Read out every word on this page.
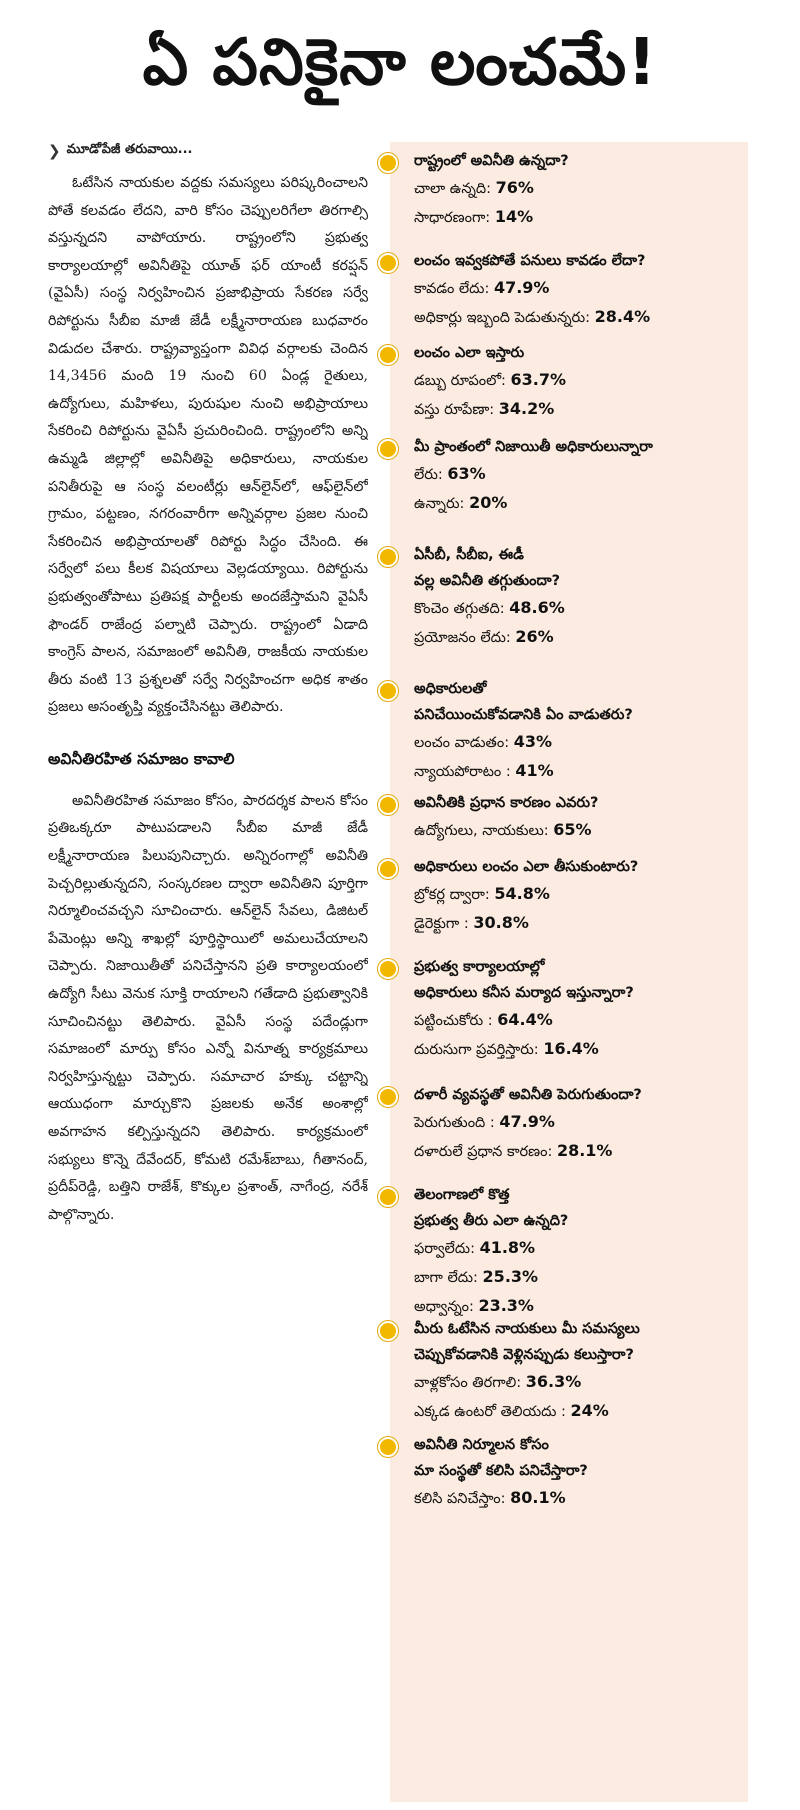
ఏ పనికైనా లంచమే!
❯ మూడోపేజీ తరువాయి...

ఓటేసిన నాయకుల వద్దకు సమస్యలు పరిష్కరించాలని పోతే కలవడం లేదని, వారి కోసం చెప్పులరిగేలా తిరగాల్సి వస్తున్నదని వాపోయారు. రాష్ట్రంలోని ప్రభుత్వ కార్యాలయాల్లో అవినీతిపై యూత్ ఫర్ యాంటీ కరప్షన్ (వైఏసీ) సంస్థ నిర్వహించిన ప్రజాభిప్రాయ సేకరణ సర్వే రిపోర్టును సీబీఐ మాజీ జేడీ లక్ష్మీనారాయణ బుధవారం విడుదల చేశారు. రాష్ట్రవ్యాప్తంగా వివిధ వర్గాలకు చెందిన 14,3456 మంది 19 నుంచి 60 ఏండ్ల రైతులు, ఉద్యోగులు, మహిళలు, పురుషుల నుంచి అభిప్రాయాలు సేకరించి రిపోర్టును వైఏసీ ప్రచురించింది. రాష్ట్రంలోని అన్ని ఉమ్మడి జిల్లాల్లో అవినీతిపై అధికారులు, నాయకుల పనితీరుపై ఆ సంస్థ వలంటీర్లు ఆన్‌లైన్‌లో, ఆఫ్‌లైన్‌లో గ్రామం, పట్టణం, నగరంవారీగా అన్నివర్గాల ప్రజల నుంచి సేకరించిన అభిప్రాయాలతో రిపోర్టు సిద్ధం చేసింది. ఈ సర్వేలో పలు కీలక విషయాలు వెల్లడయ్యాయి. రిపోర్టును ప్రభుత్వంతోపాటు ప్రతిపక్ష పార్టీలకు అందజేస్తామని వైఏసీ ఫౌండర్ రాజేంద్ర పల్నాటి చెప్పారు. రాష్ట్రంలో ఏడాది కాంగ్రెస్ పాలన, సమాజంలో అవినీతి, రాజకీయ నాయకుల తీరు వంటి 13 ప్రశ్నలతో సర్వే నిర్వహించగా అధిక శాతం ప్రజలు అసంతృప్తి వ్యక్తంచేసినట్టు తెలిపారు.

అవినీతిరహిత సమాజం కావాలి

అవినీతిరహిత సమాజం కోసం, పారదర్శక పాలన కోసం ప్రతిఒక్కరూ పాటుపడాలని సీబీఐ మాజీ జేడీ లక్ష్మీనారాయణ పిలుపునిచ్చారు. అన్నిరంగాల్లో అవినీతి పెచ్చరిల్లుతున్నదని, సంస్కరణల ద్వారా అవినీతిని పూర్తిగా నిర్మూలించవచ్చని సూచించారు. ఆన్‌లైన్ సేవలు, డిజిటల్ పేమెంట్లు అన్ని శాఖల్లో పూర్తిస్థాయిలో అమలుచేయాలని చెప్పారు. నిజాయితీతో పనిచేస్తానని ప్రతి కార్యాలయంలో ఉద్యోగి సీటు వెనుక సూక్తి రాయాలని గతేడాది ప్రభుత్వానికి సూచించినట్టు తెలిపారు. వైఏసీ సంస్థ పదేండ్లుగా సమాజంలో మార్పు కోసం ఎన్నో వినూత్న కార్యక్రమాలు నిర్వహిస్తున్నట్టు చెప్పారు. సమాచార హక్కు చట్టాన్ని ఆయుధంగా మార్చుకొని ప్రజలకు అనేక అంశాల్లో అవగాహన కల్పిస్తున్నదని తెలిపారు. కార్యక్రమంలో సభ్యులు కొన్నె దేవేందర్, కోమటి రమేశ్‌బాబు, గీతానంద్, ప్రదీప్‌రెడ్డి, బత్తిని రాజేశ్, కొక్కుల ప్రశాంత్, నాగేంద్ర, నరేశ్ పాల్గొన్నారు.

రాష్ట్రంలో అవినీతి ఉన్నదా?
చాలా ఉన్నది: 76%
సాధారణంగా: 14%
లంచం ఇవ్వకపోతే పనులు కావడం లేదా?
కావడం లేదు: 47.9%
అధికార్లు ఇబ్బంది పెడుతున్నరు: 28.4%
లంచం ఎలా ఇస్తారు
డబ్బు రూపంలో: 63.7%
వస్తు రూపేణా: 34.2%
మీ ప్రాంతంలో నిజాయితీ అధికారులున్నారా
లేరు: 63%
ఉన్నారు: 20%
ఏసీబీ, సీబీఐ, ఈడీ
వల్ల అవినీతి తగ్గుతుందా?
కొంచెం తగ్గుతది: 48.6%
ప్రయోజనం లేదు: 26%
అధికారులతో
పనిచేయించుకోవడానికి ఏం వాడుతరు?
లంచం వాడుతం: 43%
న్యాయపోరాటం : 41%
అవినీతికి ప్రధాన కారణం ఎవరు?
ఉద్యోగులు, నాయకులు: 65%
అధికారులు లంచం ఎలా తీసుకుంటారు?
బ్రోకర్ల ద్వారా: 54.8%
డైరెక్టుగా : 30.8%
ప్రభుత్వ కార్యాలయాల్లో
అధికారులు కనీస మర్యాద ఇస్తున్నారా?
పట్టించుకోరు : 64.4%
దురుసుగా ప్రవర్తిస్తారు: 16.4%
దళారీ వ్యవస్థతో అవినీతి పెరుగుతుందా?
పెరుగుతుంది : 47.9%
దళారులే ప్రధాన కారణం: 28.1%
తెలంగాణలో కొత్త
ప్రభుత్వ తీరు ఎలా ఉన్నది?
ఫర్వాలేదు: 41.8%
బాగా లేదు: 25.3%
అధ్వాన్నం: 23.3%
మీరు ఓటేసిన నాయకులు మీ సమస్యలు
చెప్పుకోవడానికి వెళ్లినప్పుడు కలుస్తారా?
వాళ్లకోసం తిరగాలి: 36.3%
ఎక్కడ ఉంటరో తెలియదు : 24%
అవినీతి నిర్మూలన కోసం
మా సంస్థతో కలిసి పనిచేస్తారా?
కలిసి పనిచేస్తాం: 80.1%
